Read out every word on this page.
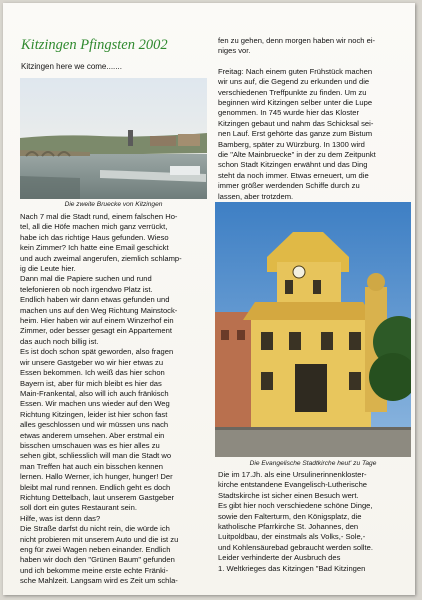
Kitzingen Pfingsten 2002
Kitzingen here we come.......
Die zweite Bruecke von Kitzingen

Nach 7 mal die Stadt rund, einem falschen Ho-

tel, all die Höfe machen mich ganz verrückt,

habe ich das richtige Haus gefunden. Wieso

kein Zimmer? Ich hatte eine Email geschickt

und auch zweimal angerufen, ziemlich schlamp-

ig die Leute hier.

Dann mal die Papiere suchen und rund

telefonieren ob noch irgendwo Platz ist.

Endlich haben wir dann etwas gefunden und

machen uns auf den Weg Richtung Mainstock-

heim. Hier haben wir auf einem Winzerhof ein

Zimmer, oder besser gesagt ein Appartement

das auch noch billig ist.

Es ist doch schon spät geworden, also fragen

wir unsere Gastgeber wo wir hier etwas zu

Essen bekommen. Ich weiß das hier schon

Bayern ist, aber für mich bleibt es hier das

Main-Frankental, also will ich auch fränkisch

Essen. Wir machen uns wieder auf den Weg

Richtung Kitzingen, leider ist hier schon fast

alles geschlossen und wir müssen uns nach

etwas anderem umsehen. Aber erstmal ein

bisschen umschauen was es hier alles zu

sehen gibt, schliesslich will man die Stadt wo

man Treffen hat auch ein bisschen kennen

lernen. Hallo Werner, ich hunger, hunger! Der

bleibt mal rund rennen. Endlich geht es doch

Richtung Dettelbach, laut unserem Gastgeber

soll dort ein gutes Restaurant sein.

Hilfe, was ist denn das?

Die Straße darfst du nicht rein, die würde ich

nicht probieren mit unserem Auto und die ist zu

eng für zwei Wagen neben einander. Endlich

haben wir doch den "Grünen Baum" gefunden

und ich bekomme meine erste echte Fränki-

sche Mahlzeit. Langsam wird es Zeit um schla-

fen zu gehen, denn morgen haben wir noch ei-

niges vor.

Freitag: Nach einem guten Frühstück machen

wir uns auf, die Gegend zu erkunden und die

verschiedenen Treffpunkte zu finden. Um zu

beginnen wird Kitzingen selber unter die Lupe

genommen. In 745 wurde hier das Kloster

Kitzingen gebaut und nahm das Schicksal sei-

nen Lauf. Erst gehörte das ganze zum Bistum

Bamberg, später zu Würzburg. In 1300 wird

die "Alte Mainbruecke" in der zu dem Zeitpunkt

schon Stadt Kitzingen erwähnt und das Ding

steht da noch immer. Etwas erneuert, um die

immer größer werdenden Schiffe durch zu

lassen, aber trotzdem.

Die Evangelische Stadtkirche heut' zu Tage

Die im 17.Jh. als eine Ursulinerinnenkloster-

kirche entstandene Evangelisch-Lutherische

Stadtskirche ist sicher einen Besuch wert.

Es gibt hier noch verschiedene schöne Dinge,

sowie den Falterturm, den Königsplatz, die

katholische Pfarrkirche St. Johannes, den

Luitpoldbau, der einstmals als Volks,- Sole,-

und Kohlensäurebad gebraucht werden sollte.

Leider verhinderte der Ausbruch des

1. Weltkrieges das Kitzingen "Bad Kitzingen
